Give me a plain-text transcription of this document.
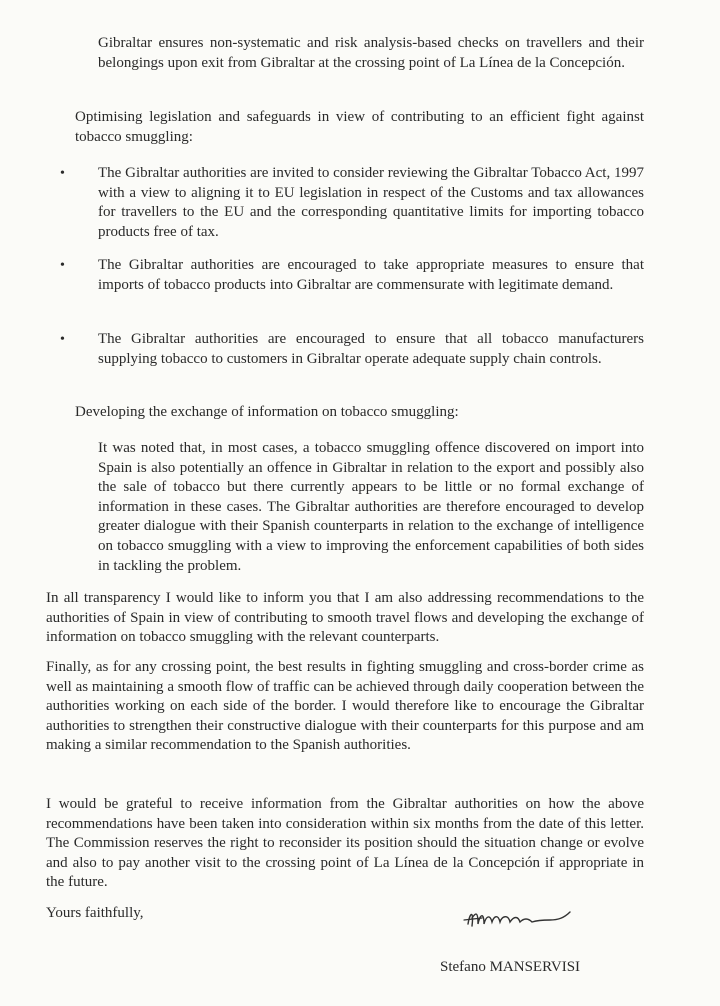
Gibraltar ensures non-systematic and risk analysis-based checks on travellers and their belongings upon exit from Gibraltar at the crossing point of La Línea de la Concepción.

Optimising legislation and safeguards in view of contributing to an efficient fight against tobacco smuggling:

• The Gibraltar authorities are invited to consider reviewing the Gibraltar Tobacco Act, 1997 with a view to aligning it to EU legislation in respect of the Customs and tax allowances for travellers to the EU and the corresponding quantitative limits for importing tobacco products free of tax.

• The Gibraltar authorities are encouraged to take appropriate measures to ensure that imports of tobacco products into Gibraltar are commensurate with legitimate demand.

• The Gibraltar authorities are encouraged to ensure that all tobacco manufacturers supplying tobacco to customers in Gibraltar operate adequate supply chain controls.

Developing the exchange of information on tobacco smuggling:

It was noted that, in most cases, a tobacco smuggling offence discovered on import into Spain is also potentially an offence in Gibraltar in relation to the export and possibly also the sale of tobacco but there currently appears to be little or no formal exchange of information in these cases. The Gibraltar authorities are therefore encouraged to develop greater dialogue with their Spanish counterparts in relation to the exchange of intelligence on tobacco smuggling with a view to improving the enforcement capabilities of both sides in tackling the problem.

In all transparency I would like to inform you that I am also addressing recommendations to the authorities of Spain in view of contributing to smooth travel flows and developing the exchange of information on tobacco smuggling with the relevant counterparts.

Finally, as for any crossing point, the best results in fighting smuggling and cross-border crime as well as maintaining a smooth flow of traffic can be achieved through daily cooperation between the authorities working on each side of the border. I would therefore like to encourage the Gibraltar authorities to strengthen their constructive dialogue with their counterparts for this purpose and am making a similar recommendation to the Spanish authorities.

I would be grateful to receive information from the Gibraltar authorities on how the above recommendations have been taken into consideration within six months from the date of this letter. The Commission reserves the right to reconsider its position should the situation change or evolve and also to pay another visit to the crossing point of La Línea de la Concepción if appropriate in the future.

Yours faithfully,

Stefano MANSERVISI
